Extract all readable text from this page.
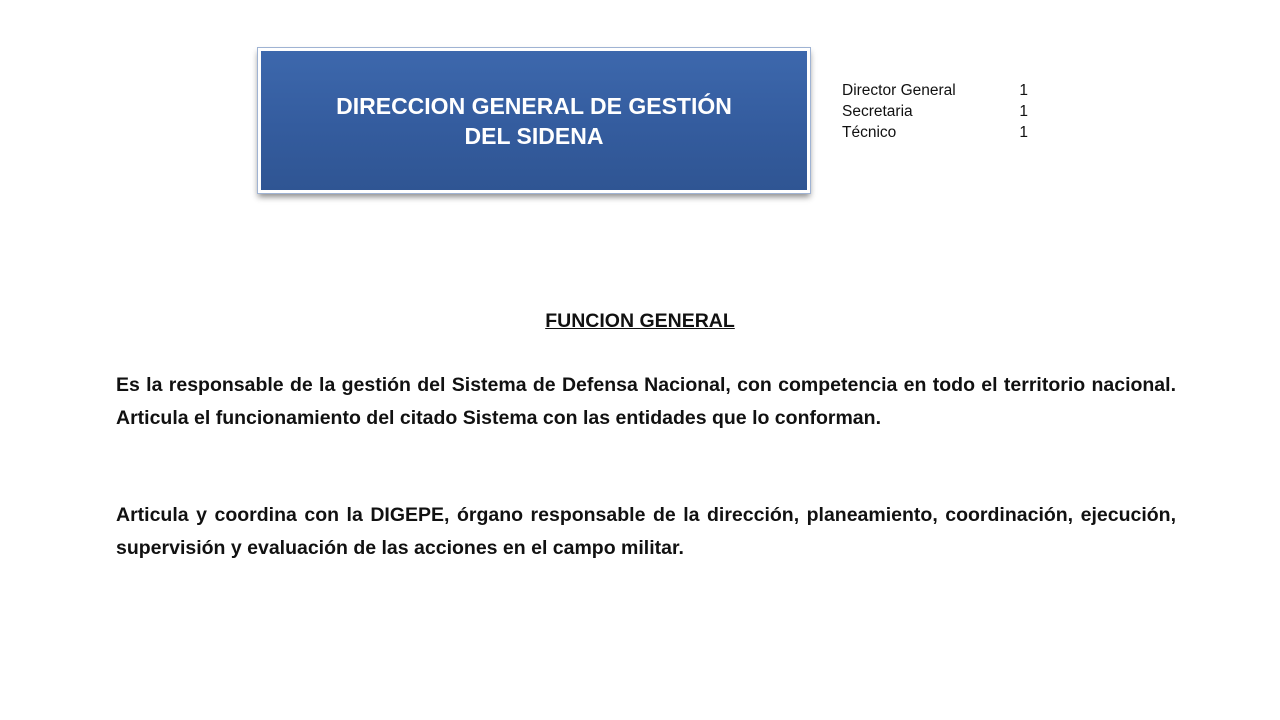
DIRECCION GENERAL DE GESTIÓN
DEL SIDENA
Director General	1
Secretaria	1
Técnico	1
FUNCION GENERAL

Es la responsable de la gestión del Sistema de Defensa Nacional, con competencia en todo el territorio nacional. Articula el funcionamiento del citado Sistema con las entidades que lo conforman.

Articula y coordina con la DIGEPE, órgano responsable de la dirección, planeamiento, coordinación, ejecución, supervisión y evaluación de las acciones en el campo militar.
